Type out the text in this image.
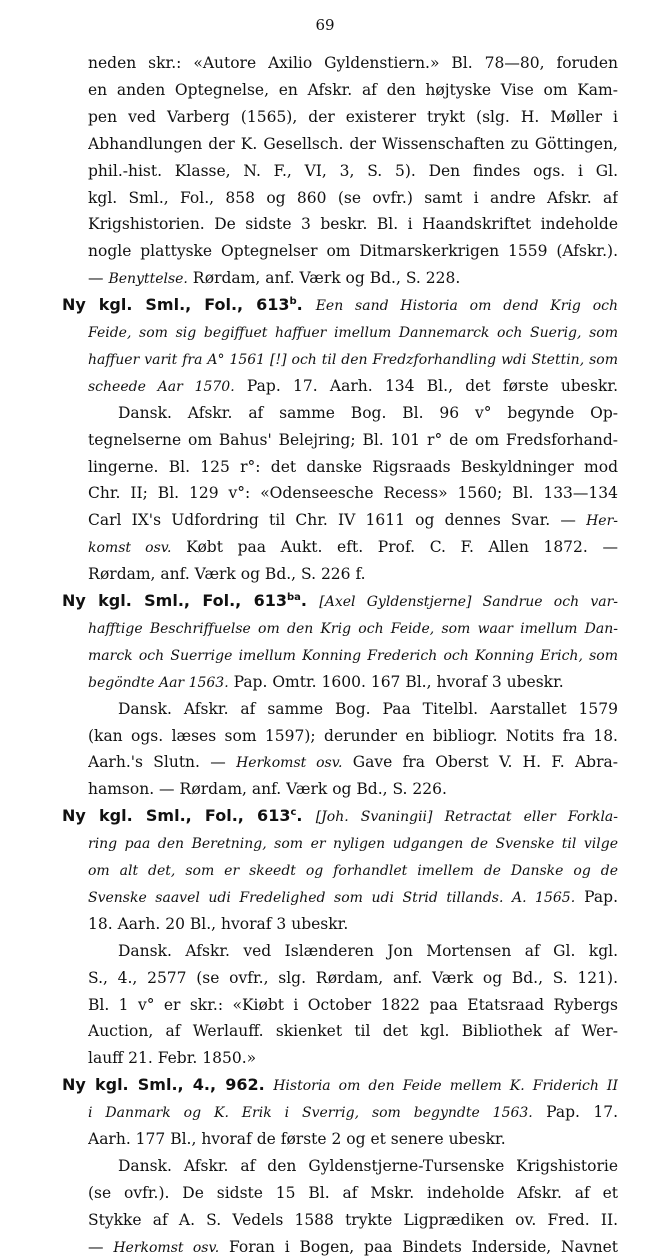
69
neden skr.: «Autore Axilio Gyldenstiern.» Bl. 78—80, foruden
en anden Optegnelse, en Afskr. af den højtyske Vise om Kam-
pen ved Varberg (1565), der existerer trykt (slg. H. Møller i
Abhandlungen der K. Gesellsch. der Wissenschaften zu Göttingen,
phil.-hist. Klasse, N. F., VI, 3, S. 5). Den findes ogs. i Gl.
kgl. Sml., Fol., 858 og 860 (se ovfr.) samt i andre Afskr. af
Krigshistorien. De sidste 3 beskr. Bl. i Haandskriftet indeholde
nogle plattyske Optegnelser om Ditmarskerkrigen 1559 (Afskr.).
— Benyttelse. Rørdam, anf. Værk og Bd., S. 228.
Ny kgl. Sml., Fol., 613$^b$. Een sand Historia om dend Krig och
Feide, som sig begiffuet haffuer imellum Dannemarck och Suerig, som
haffuer varit fra A° 1561 [!] och til den Fredzforhandling wdi Stettin, som
scheede Aar 1570. Pap. 17. Aarh. 134 Bl., det første ubeskr.
Dansk. Afskr. af samme Bog. Bl. 96 v° begynde Op-
tegnelserne om Bahus' Belejring; Bl. 101 r° de om Fredsforhand-
lingerne. Bl. 125 r°: det danske Rigsraads Beskyldninger mod
Chr. II; Bl. 129 v°: «Odenseesche Recess» 1560; Bl. 133—134
Carl IX's Udfordring til Chr. IV 1611 og dennes Svar. — Her-
komst osv. Købt paa Aukt. eft. Prof. C. F. Allen 1872. —
Rørdam, anf. Værk og Bd., S. 226 f.
Ny kgl. Sml., Fol., $613^{ba}$. [Axel Gyldenstjerne] Sandrue och var-
hafftige Beschriffuelse om den Krig och Feide, som waar imellum Dan-
marck och Suerrige imellum Konning Frederich och Konning Erich, som
begöndte Aar 1563. Pap. Omtr. 1600. 167 Bl., hvoraf 3 ubeskr.
Dansk. Afskr. af samme Bog. Paa Titelbl. Aarstallet 1579
(kan ogs. læses som 1597); derunder en bibliogr. Notits fra 18.
Aarh.'s Slutn. — Herkomst osv. Gave fra Oberst V. H. F. Abra-
hamson. — Rørdam, anf. Værk og Bd., S. 226.
Ny kgl. Sml., Fol., 613$^c$. [Joh. Svaningii] Retractat eller Forkla-
ring paa den Beretning, som er nyligen udgangen de Svenske til vilge
om alt det, som er skeedt og forhandlet imellem de Danske og de
Svenske saavel udi Fredelighed som udi Strid tillands. A. 1565. Pap.
18. Aarh. 20 Bl., hvoraf 3 ubeskr.
Dansk. Afskr. ved Islænderen Jon Mortensen af Gl. kgl.
S., 4., 2577 (se ovfr., slg. Rørdam, anf. Værk og Bd., S. 121).
Bl. 1 v° er skr.: «Kiøbt i October 1822 paa Etatsraad Rybergs
Auction, af Werlauff. skienket til det kgl. Bibliothek af Wer-
lauff 21. Febr. 1850.»
Ny kgl. Sml., 4., 962. Historia om den Feide mellem K. Friderich II
i Danmark og K. Erik i Sverrig, som begyndte 1563. Pap. 17.
Aarh. 177 Bl., hvoraf de første 2 og et senere ubeskr.
Dansk. Afskr. af den Gyldenstjerne-Tursenske Krigshistorie
(se ovfr.). De sidste 15 Bl. af Mskr. indeholde Afskr. af et
Stykke af A. S. Vedels 1588 trykte Ligprædiken ov. Fred. II.
— Herkomst osv. Foran i Bogen, paa Bindets Inderside, Navnet
